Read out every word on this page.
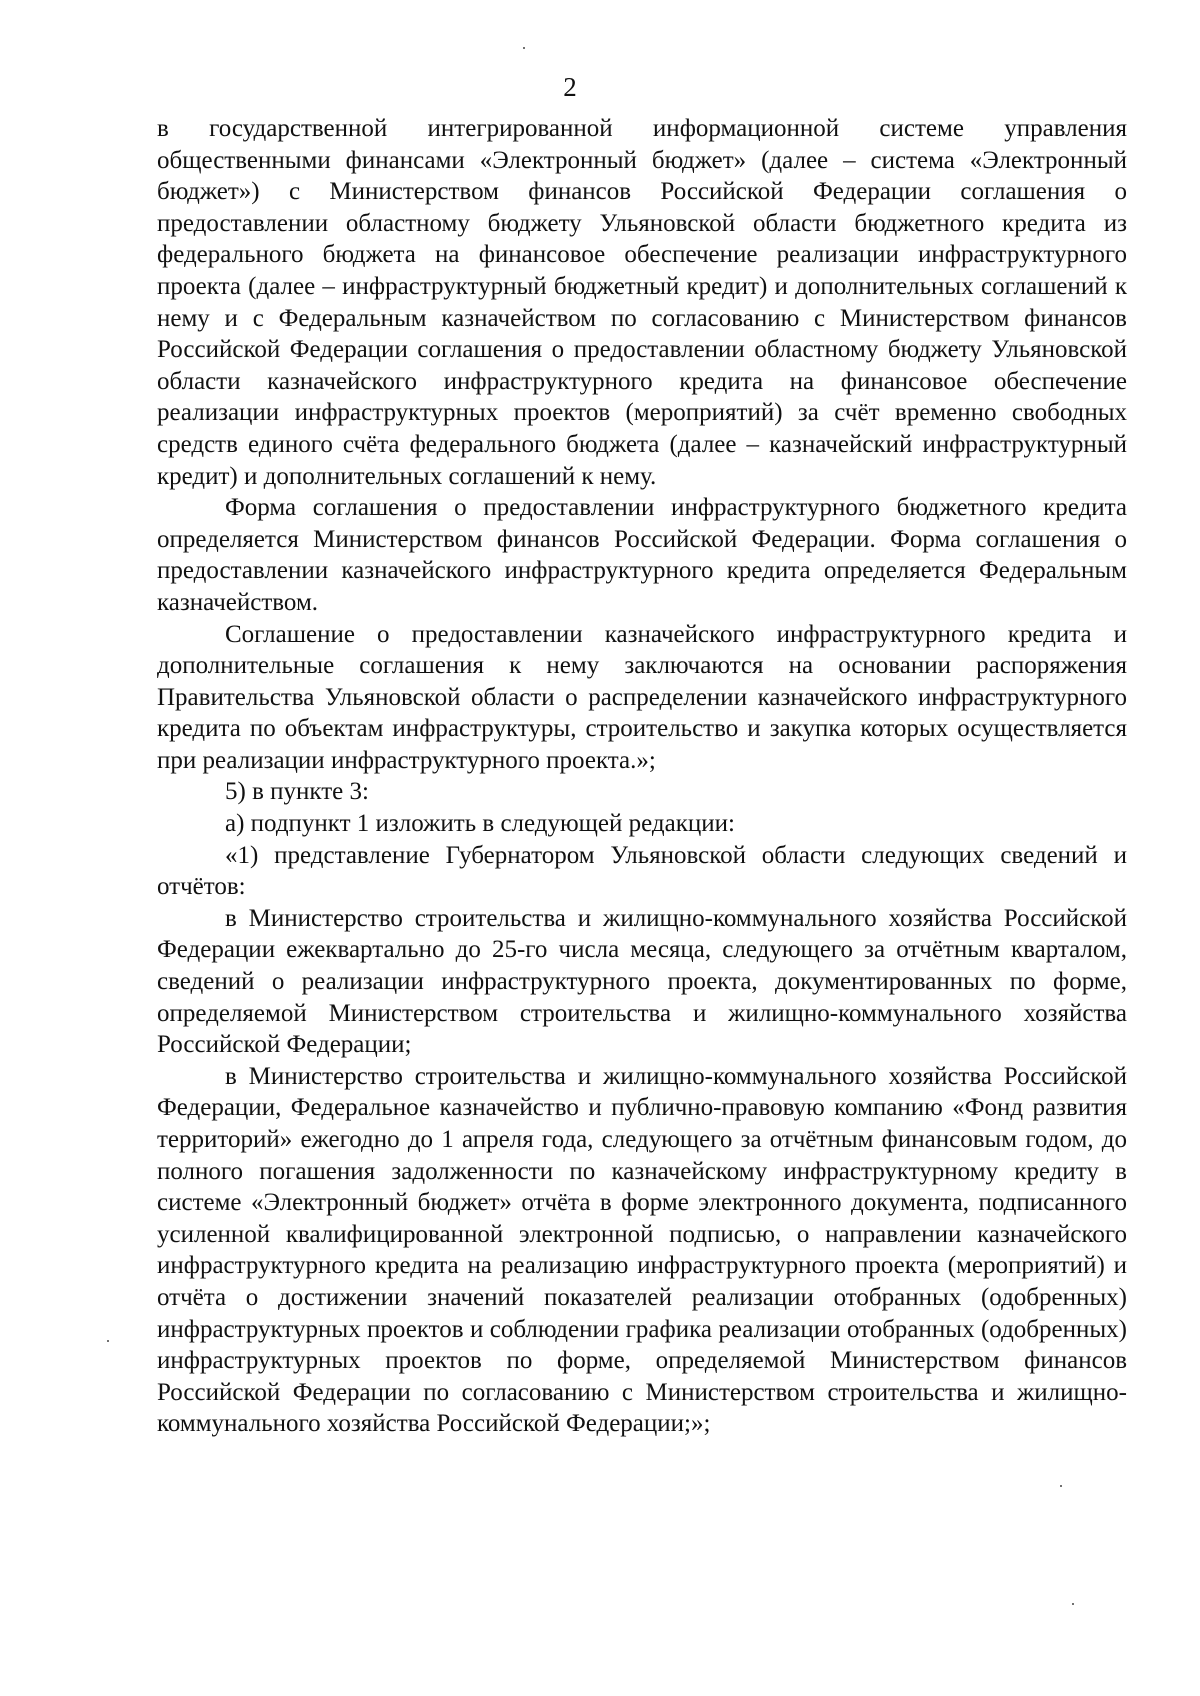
2

в государственной интегрированной информационной системе управления общественными финансами «Электронный бюджет» (далее – система «Электронный бюджет») с Министерством финансов Российской Федерации соглашения о предоставлении областному бюджету Ульяновской области бюджетного кредита из федерального бюджета на финансовое обеспечение реализации инфраструктурного проекта (далее – инфраструктурный бюджетный кредит) и дополнительных соглашений к нему и с Федеральным казначейством по согласованию с Министерством финансов Российской Федерации соглашения о предоставлении областному бюджету Ульяновской области казначейского инфраструктурного кредита на финансовое обеспечение реализации инфраструктурных проектов (мероприятий) за счёт временно свободных средств единого счёта федерального бюджета (далее – казначейский инфраструктурный кредит) и дополнительных соглашений к нему.

Форма соглашения о предоставлении инфраструктурного бюджетного кредита определяется Министерством финансов Российской Федерации. Форма соглашения о предоставлении казначейского инфраструктурного кредита определяется Федеральным казначейством.

Соглашение о предоставлении казначейского инфраструктурного кредита и дополнительные соглашения к нему заключаются на основании распоряжения Правительства Ульяновской области о распределении казначейского инфраструктурного кредита по объектам инфраструктуры, строительство и закупка которых осуществляется при реализации инфраструктурного проекта.»;

5) в пункте 3:

а) подпункт 1 изложить в следующей редакции:

«1) представление Губернатором Ульяновской области следующих сведений и отчётов:

в Министерство строительства и жилищно-коммунального хозяйства Российской Федерации ежеквартально до 25-го числа месяца, следующего за отчётным кварталом, сведений о реализации инфраструктурного проекта, документированных по форме, определяемой Министерством строительства и жилищно-коммунального хозяйства Российской Федерации;

в Министерство строительства и жилищно-коммунального хозяйства Российской Федерации, Федеральное казначейство и публично-правовую компанию «Фонд развития территорий» ежегодно до 1 апреля года, следующего за отчётным финансовым годом, до полного погашения задолженности по казначейскому инфраструктурному кредиту в системе «Электронный бюджет» отчёта в форме электронного документа, подписанного усиленной квалифицированной электронной подписью, о направлении казначейского инфраструктурного кредита на реализацию инфраструктурного проекта (мероприятий) и отчёта о достижении значений показателей реализации отобранных (одобренных) инфраструктурных проектов и соблюдении графика реализации отобранных (одобренных) инфраструктурных проектов по форме, определяемой Министерством финансов Российской Федерации по согласованию с Министерством строительства и жилищно-коммунального хозяйства Российской Федерации;»;
